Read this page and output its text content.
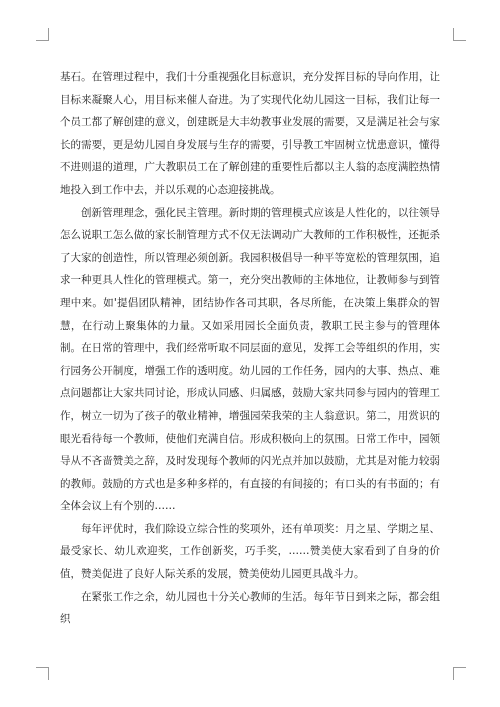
基石。在管理过程中，我们十分重视强化目标意识，充分发挥目标的导向作用，让目标来凝聚人心，用目标来催人奋进。为了实现代化幼儿园这一目标，我们让每一个员工都了解创建的意义，创建既是大丰幼教事业发展的需要，又是满足社会与家长的需要，更是幼儿园自身发展与生存的需要，引导教工牢固树立忧患意识，懂得不进则退的道理，广大教职员工在了解创建的重要性后都以主人翁的态度满腔热情地投入到工作中去，并以乐观的心态迎接挑战。

创新管理理念，强化民主管理。新时期的管理模式应该是人性化的，以往领导怎么说职工怎么做的家长制管理方式不仅无法调动广大教师的工作积极性，还扼杀了大家的创造性，所以管理必须创新。我园积极倡导一种平等宽松的管理氛围，追求一种更具人性化的管理模式。第一，充分突出教师的主体地位，让教师参与到管理中来。如'提倡团队精神，团结协作各司其职，各尽所能，在决策上集群众的智慧，在行动上聚集体的力量。又如采用园长全面负责，教职工民主参与的管理体制。在日常的管理中，我们经常听取不同层面的意见，发挥工会等组织的作用，实行园务公开制度，增强工作的透明度。幼儿园的工作任务，园内的大事、热点、难点问题都让大家共同讨论，形成认同感、归属感，鼓励大家共同参与园内的管理工作，树立一切为了孩子的敬业精神，增强园荣我荣的主人翁意识。第二，用赏识的眼光看待每一个教师，使他们充满自信。形成积极向上的氛围。日常工作中，园领导从不吝啬赞美之辞，及时发现每个教师的闪光点并加以鼓励，尤其是对能力较弱的教师。鼓励的方式也是多种多样的，有直接的有间接的；有口头的有书面的；有全体会议上有个别的……

每年评优时，我们除设立综合性的奖项外，还有单项奖：月之星、学期之星、最受家长、幼儿欢迎奖，工作创新奖，巧手奖，……赞美使大家看到了自身的价值，赞美促进了良好人际关系的发展，赞美使幼儿园更具战斗力。

在紧张工作之余，幼儿园也十分关心教师的生活。每年节日到来之际，都会组织
